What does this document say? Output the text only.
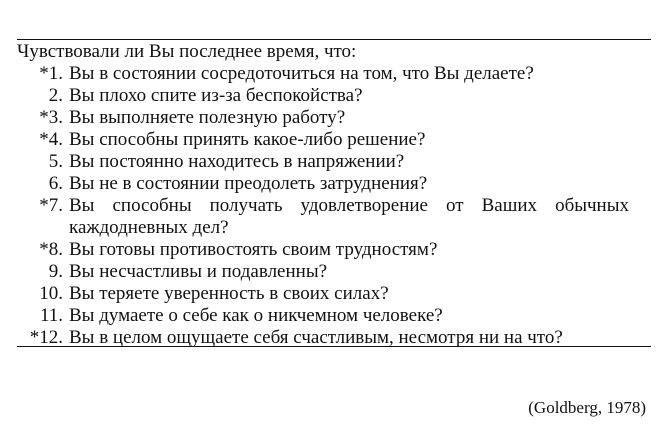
Чувствовали ли Вы последнее время, что:
*1. Вы в состоянии сосредоточиться на том, что Вы делаете?
2. Вы плохо спите из-за беспокойства?
*3. Вы выполняете полезную работу?
*4. Вы способны принять какое-либо решение?
5. Вы постоянно находитесь в напряжении?
6. Вы не в состоянии преодолеть затруднения?
*7. Вы способны получать удовлетворение от Ваших обычных каждодневных дел?
*8. Вы готовы противостоять своим трудностям?
9. Вы несчастливы и подавленны?
10. Вы теряете уверенность в своих силах?
11. Вы думаете о себе как о никчемном человеке?
*12. Вы в целом ощущаете себя счастливым, несмотря ни на что?
(Goldberg, 1978)
